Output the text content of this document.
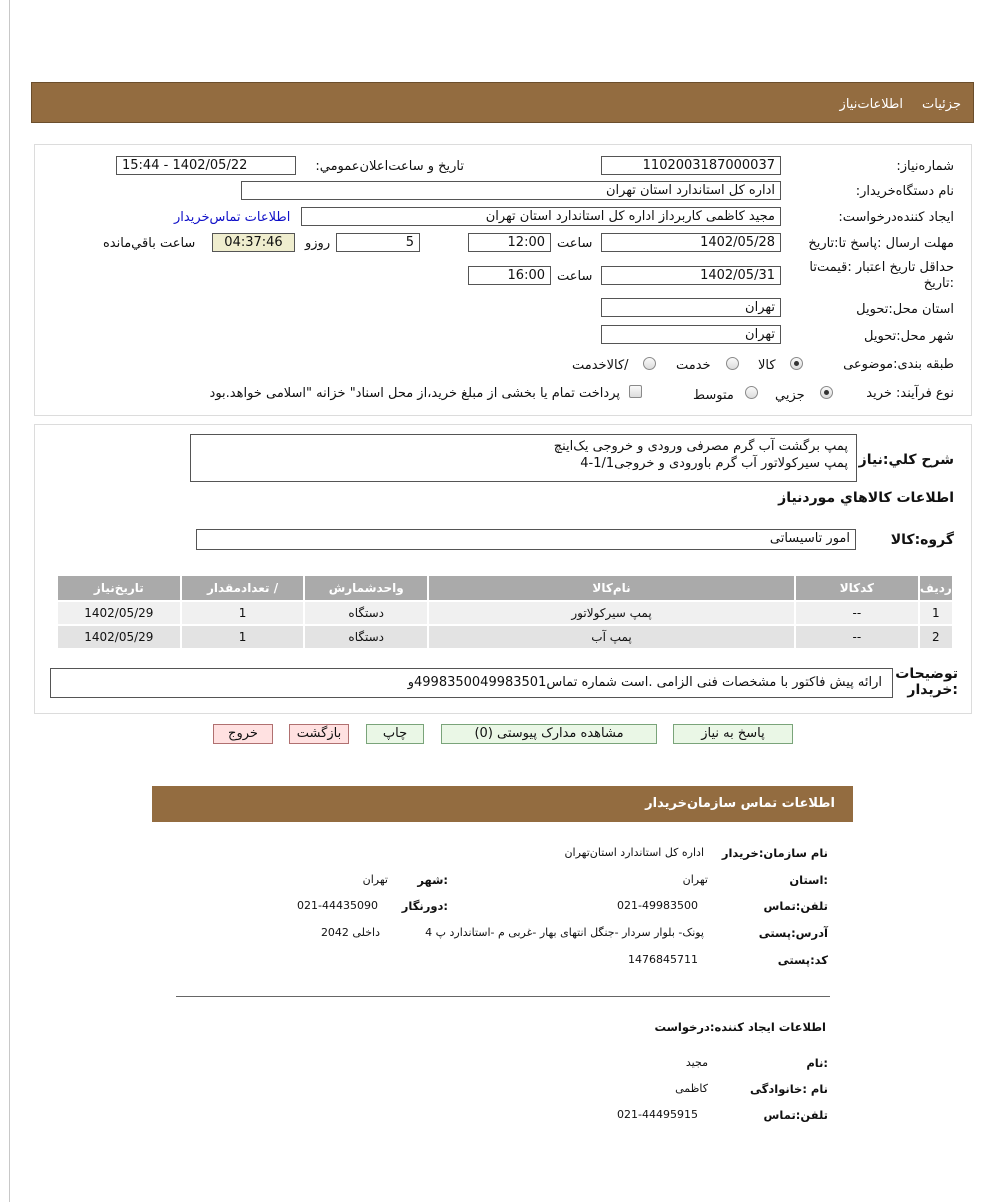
جزئيات
اطلاعات‌نياز
شماره‌نياز:
1102003187000037
تاريخ و ساعت‌اعلان‌عمومي:
1402/05/22 - 15:44
نام دستگاه‌خريدار:
اداره کل استاندارد استان تهران
ايجاد کننده‌درخواست:
مجيد کاظمی کاربرداز اداره کل استاندارد استان تهران
اطلاعات تماس‌خريدار
مهلت ارسال :پاسخ تا:تاريخ
1402/05/28
ساعت
12:00
5
روزو
04:37:46
ساعت باقي‌مانده
حداقل تاريخ اعتبار :قيمت‌تا :تاريخ
1402/05/31
ساعت
16:00
استان محل:تحويل
تهران
شهر محل:تحويل
تهران
طبقه بندی:موضوعی
کالا
خدمت
/کالاخدمت
نوع فرآيند: خريد
جزيي
متوسط
پرداخت تمام يا بخشی از مبلغ خريد،از محل اسناد" خزانه "اسلامی خواهد.بود
شرح کلي:نياز
پمپ برگشت آب گرم مصرفی ورودی و خروجی يک‌اينچ
پمپ سيرکولاتور آب گرم باورودی و خروجی1/1-4
اطلاعات کالاهاي مورد‌نياز
گروه:کالا
امور تاسيساتی
رديف	کدکالا	نام‌کالا	واحد‌شمارش	/ تعداد‌مقدار	تاريخ‌نياز
1	--	پمپ سيرکولاتور	دستگاه	1	1402/05/29
2	--	پمپ آب	دستگاه	1	1402/05/29
توضيحات :خريدار
ارائه پيش فاکتور با مشخصات فنی الزامی .است شماره تماس4998350049983501و
پاسخ به نياز
مشاهده مدارک پيوستی (0)
چاپ
بازگشت
خروج
اطلاعات تماس سازمان‌خريدار
نام سازمان:خريدار
اداره کل استاندارد استان‌تهران
:استان
تهران
:شهر
تهران
تلفن:تماس
021-49983500
:دورنگار
021-44435090
آدرس:پستی
پونک- بلوار سردار -جنگل انتهای بهار -غربی م -استاندارد پ 4
داخلی 2042
کد:پستی
1476845711
اطلاعات ایجاد کننده:درخواست
:نام
مجید
نام :خانوادگی
کاظمی
تلفن:تماس
021-44495915
